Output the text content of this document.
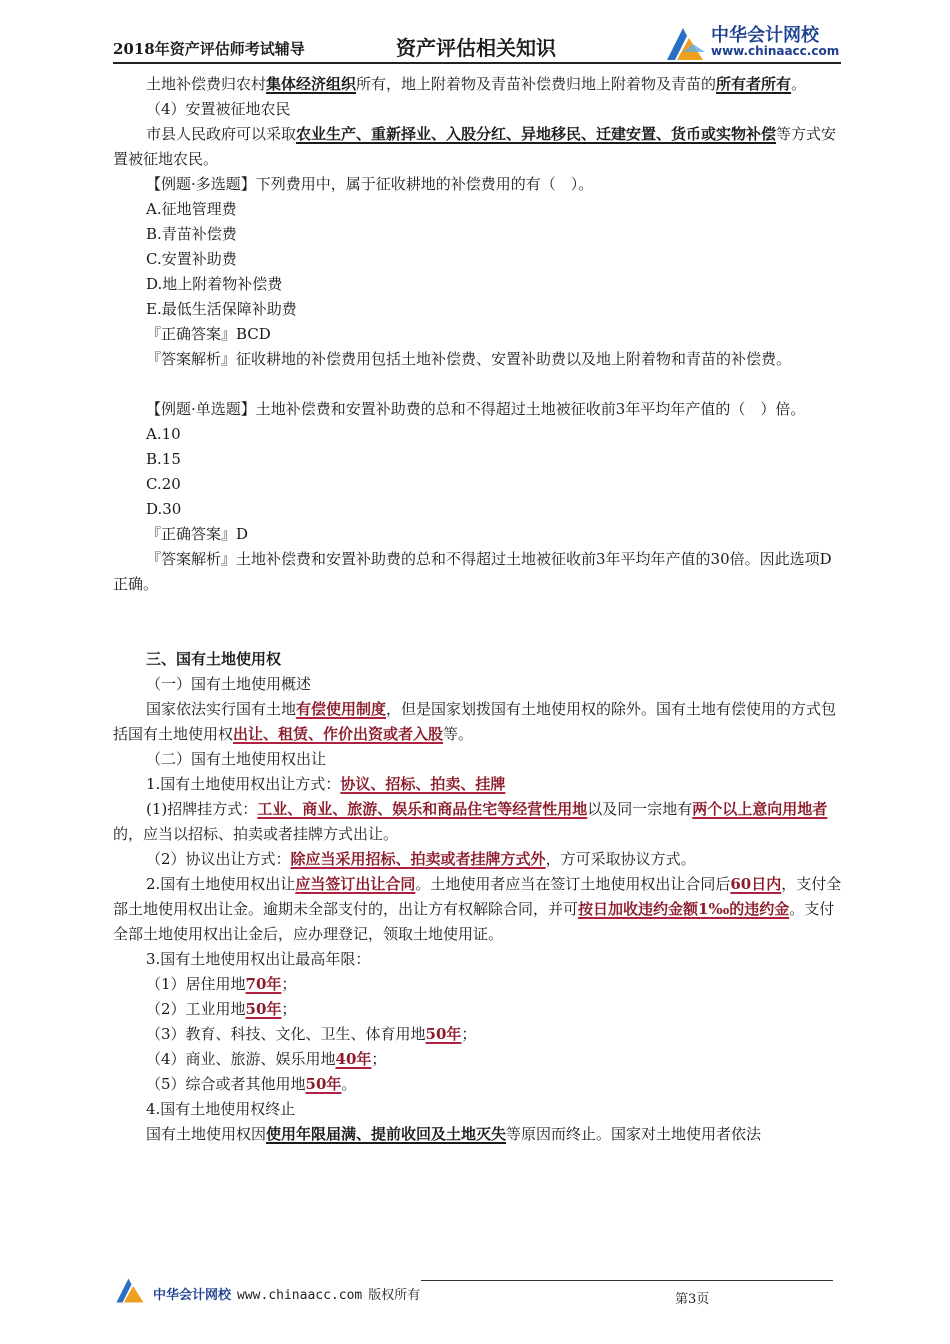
2018年资产评估师考试辅导	资产评估相关知识
中华会计网校
www.chinaacc.com

土地补偿费归农村集体经济组织所有，地上附着物及青苗补偿费归地上附着物及青苗的所有者所有。

（4）安置被征地农民

市县人民政府可以采取农业生产、重新择业、入股分红、异地移民、迁建安置、货币或实物补偿等方式安置被征地农民。

【例题·多选题】下列费用中，属于征收耕地的补偿费用的有（　）。

A.征地管理费

B.青苗补偿费

C.安置补助费

D.地上附着物补偿费

E.最低生活保障补助费

『正确答案』BCD

『答案解析』征收耕地的补偿费用包括土地补偿费、安置补助费以及地上附着物和青苗的补偿费。

【例题·单选题】土地补偿费和安置补助费的总和不得超过土地被征收前3年平均年产值的（　）倍。

A.10

B.15

C.20

D.30

『正确答案』D

『答案解析』土地补偿费和安置补助费的总和不得超过土地被征收前3年平均年产值的30倍。因此选项D正确。

三、国有土地使用权

（一）国有土地使用概述

国家依法实行国有土地有偿使用制度，但是国家划拨国有土地使用权的除外。国有土地有偿使用的方式包括国有土地使用权出让、租赁、作价出资或者入股等。

（二）国有土地使用权出让

1.国有土地使用权出让方式：协议、招标、拍卖、挂牌

(1)招牌挂方式：工业、商业、旅游、娱乐和商品住宅等经营性用地以及同一宗地有两个以上意向用地者的，应当以招标、拍卖或者挂牌方式出让。

（2）协议出让方式：除应当采用招标、拍卖或者挂牌方式外，方可采取协议方式。

2.国有土地使用权出让应当签订出让合同。土地使用者应当在签订土地使用权出让合同后60日内，支付全部土地使用权出让金。逾期未全部支付的，出让方有权解除合同，并可按日加收违约金额1‰的违约金。支付全部土地使用权出让金后，应办理登记，领取土地使用证。

3.国有土地使用权出让最高年限：

（1）居住用地70年；

（2）工业用地50年；

（3）教育、科技、文化、卫生、体育用地50年；

（4）商业、旅游、娱乐用地40年；

（5）综合或者其他用地50年。

4.国有土地使用权终止

国有土地使用权因使用年限届满、提前收回及土地灭失等原因而终止。国家对土地使用者依法

中华会计网校 www.chinaacc.com 版权所有	第3页
